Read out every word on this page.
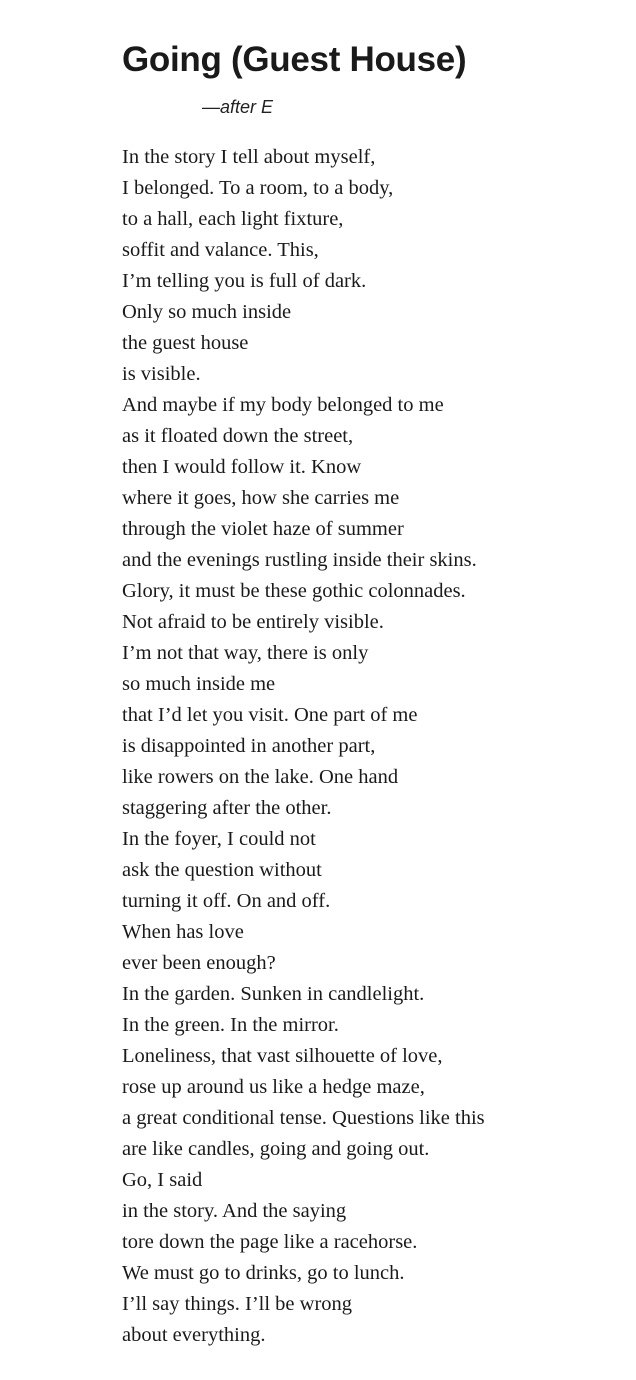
Going (Guest House)
—after E
In the story I tell about myself,
I belonged. To a room, to a body,
to a hall, each light fixture,
soffit and valance. This,
I’m telling you is full of dark.
Only so much inside
the guest house
is visible.
And maybe if my body belonged to me
as it floated down the street,
then I would follow it. Know
where it goes, how she carries me
through the violet haze of summer
and the evenings rustling inside their skins.
Glory, it must be these gothic colonnades.
Not afraid to be entirely visible.
I’m not that way, there is only
so much inside me
that I’d let you visit. One part of me
is disappointed in another part,
like rowers on the lake. One hand
staggering after the other.
In the foyer, I could not
ask the question without
turning it off. On and off.
When has love
ever been enough?
In the garden. Sunken in candlelight.
In the green. In the mirror.
Loneliness, that vast silhouette of love,
rose up around us like a hedge maze,
a great conditional tense. Questions like this
are like candles, going and going out.
Go, I said
in the story. And the saying
tore down the page like a racehorse.
We must go to drinks, go to lunch.
I’ll say things. I’ll be wrong
about everything.
